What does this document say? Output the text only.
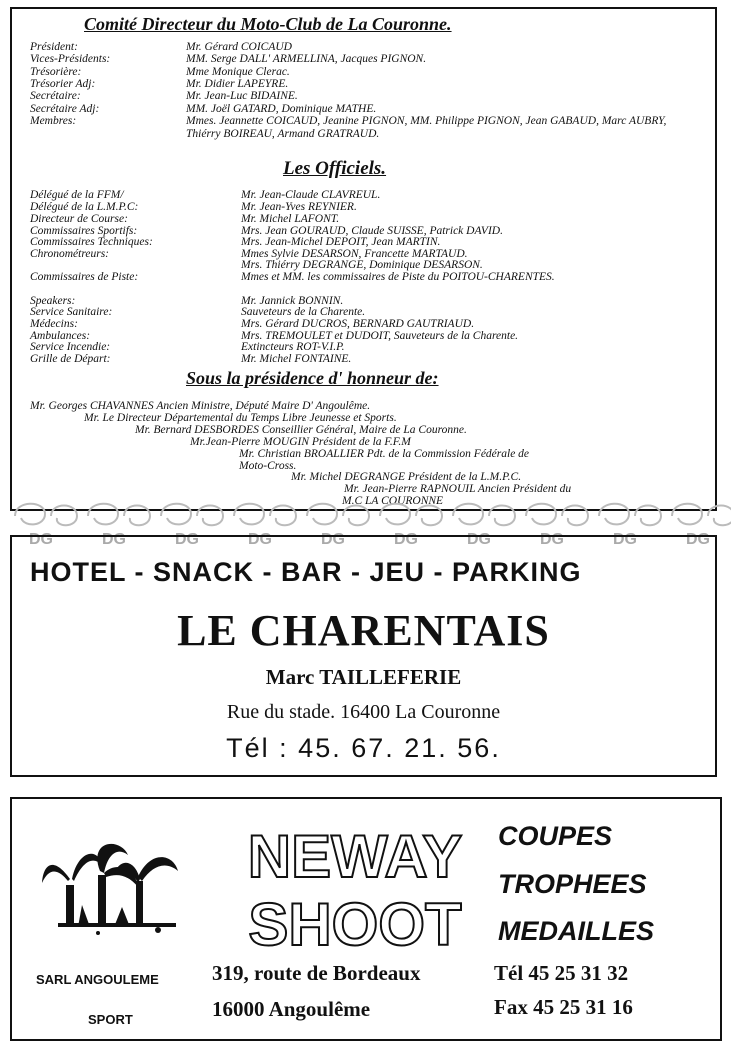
Comité Directeur du Moto-Club de La Couronne.
Président:	Mr. Gérard COICAUD
Vices-Présidents:	MM. Serge DALL' ARMELLINA, Jacques PIGNON.
Trésorière:	Mme Monique Clerac.
Trésorier Adj:	Mr. Didier LAPEYRE.
Secrétaire:	Mr. Jean-Luc BIDAINE.
Secrétaire Adj:	MM. Joël GATARD, Dominique MATHE.
Membres:	Mmes. Jeannette COICAUD, Jeanine PIGNON, MM. Philippe PIGNON, Jean GABAUD, Marc AUBRY, Thiérry BOIREAU, Armand GRATRAUD.
Les Officiels.
Délégué de la FFM/	Mr. Jean-Claude CLAVREUL.
Délégué de la L.M.P.C:	Mr. Jean-Yves REYNIER.
Directeur de Course:	Mr. Michel LAFONT.
Commissaires Sportifs:	Mrs. Jean GOURAUD, Claude SUISSE, Patrick DAVID.
Commissaires Techniques:	Mrs. Jean-Michel DEPOIT, Jean MARTIN.
Chronométreurs:	Mmes Sylvie DESARSON, Francette MARTAUD.
Mrs. Thiérry DEGRANGE, Dominique DESARSON.
Commissaires de Piste:	Mmes et MM. les commissaires de Piste du POITOU-CHARENTES.
Speakers:	Mr. Jannick BONNIN.
Service Sanitaire:	Sauveteurs de la Charente.
Médecins:	Mrs. Gérard DUCROS, BERNARD GAUTRIAUD.
Ambulances:	Mrs. TREMOULET et DUDOIT, Sauveteurs de la Charente.
Service Incendie:	Extincteurs ROT-V.I.P.
Grille de Départ:	Mr. Michel FONTAINE.
Sous la présidence d' honneur de:
Mr. Georges CHAVANNES Ancien Ministre, Député Maire D' Angoulême.
Mr. Le Directeur Départemental du Temps Libre Jeunesse et Sports.
Mr. Bernard DESBORDES Conseillier Général, Maire de La Couronne.
Mr.Jean-Pierre MOUGIN Président de la F.F.M
Mr. Christian BROALLIER Pdt. de la Commission Fédérale de
Moto-Cross.
Mr. Michel DEGRANGE Président de la L.M.P.C.
Mr. Jean-Pierre RAPNOUIL Ancien Président du
M.C LA COURONNE
DG	DG	DG	DG	DG	DG	DG	DG	DG	DG
HOTEL - SNACK - BAR - JEU - PARKING
LE CHARENTAIS
Marc TAILLEFERIE
Rue du stade. 16400 La Couronne
Tél : 45. 67. 21. 56.
SARL ANGOULEME
SPORT
NEWAY
SHOOT
COUPES
TROPHEES
MEDAILLES
319, route de Bordeaux
16000 Angoulême
Tél 45 25 31 32
Fax 45 25 31 16
